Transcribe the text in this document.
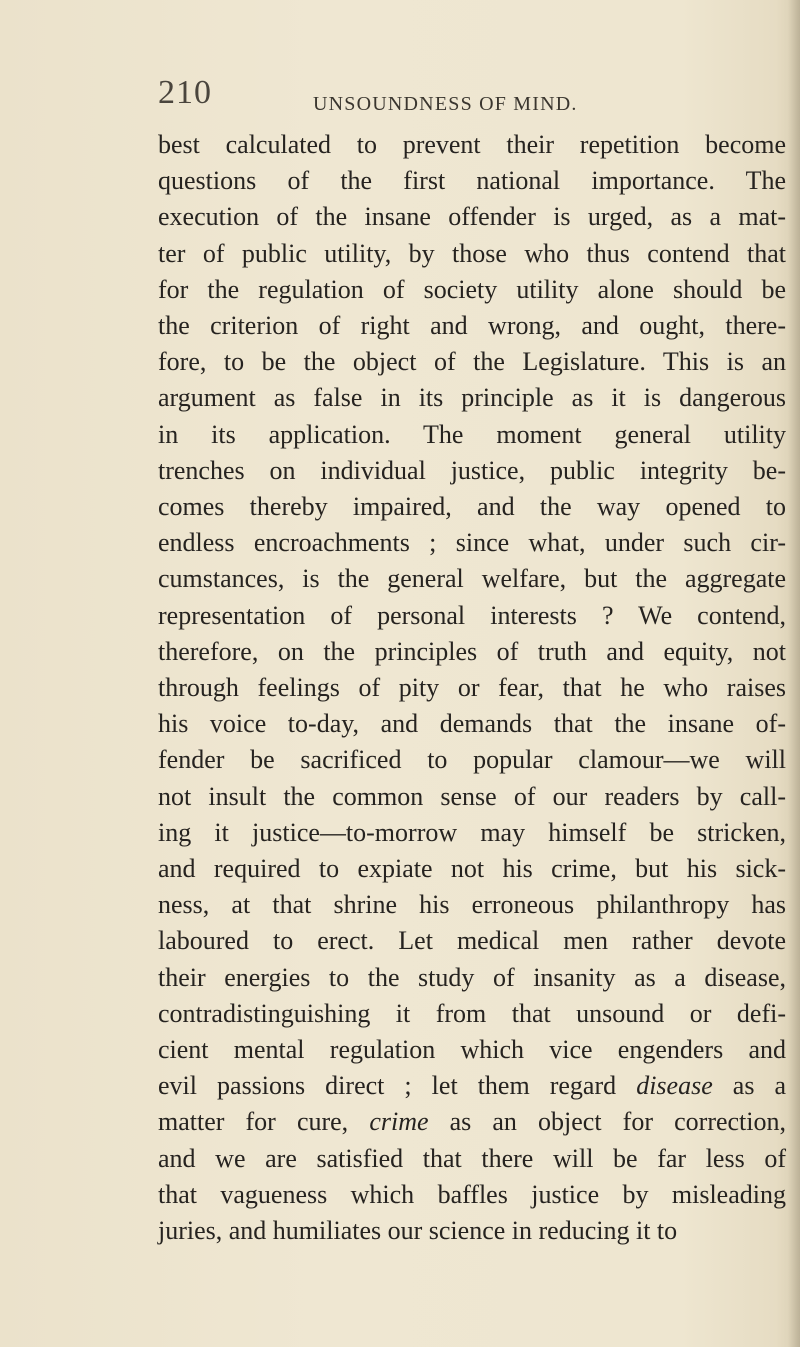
210	UNSOUNDNESS OF MIND.
best calculated to prevent their repetition become
questions of the first national importance. The
execution of the insane offender is urged, as a mat-
ter of public utility, by those who thus contend that
for the regulation of society utility alone should be
the criterion of right and wrong, and ought, there-
fore, to be the object of the Legislature. This is an
argument as false in its principle as it is dangerous
in its application. The moment general utility
trenches on individual justice, public integrity be-
comes thereby impaired, and the way opened to
endless encroachments ; since what, under such cir-
cumstances, is the general welfare, but the aggregate
representation of personal interests ? We contend,
therefore, on the principles of truth and equity, not
through feelings of pity or fear, that he who raises
his voice to-day, and demands that the insane of-
fender be sacrificed to popular clamour—we will
not insult the common sense of our readers by call-
ing it justice—to-morrow may himself be stricken,
and required to expiate not his crime, but his sick-
ness, at that shrine his erroneous philanthropy has
laboured to erect. Let medical men rather devote
their energies to the study of insanity as a disease,
contradistinguishing it from that unsound or defi-
cient mental regulation which vice engenders and
evil passions direct ; let them regard disease as a
matter for cure, crime as an object for correction,
and we are satisfied that there will be far less of
that vagueness which baffles justice by misleading
juries, and humiliates our science in reducing it to
